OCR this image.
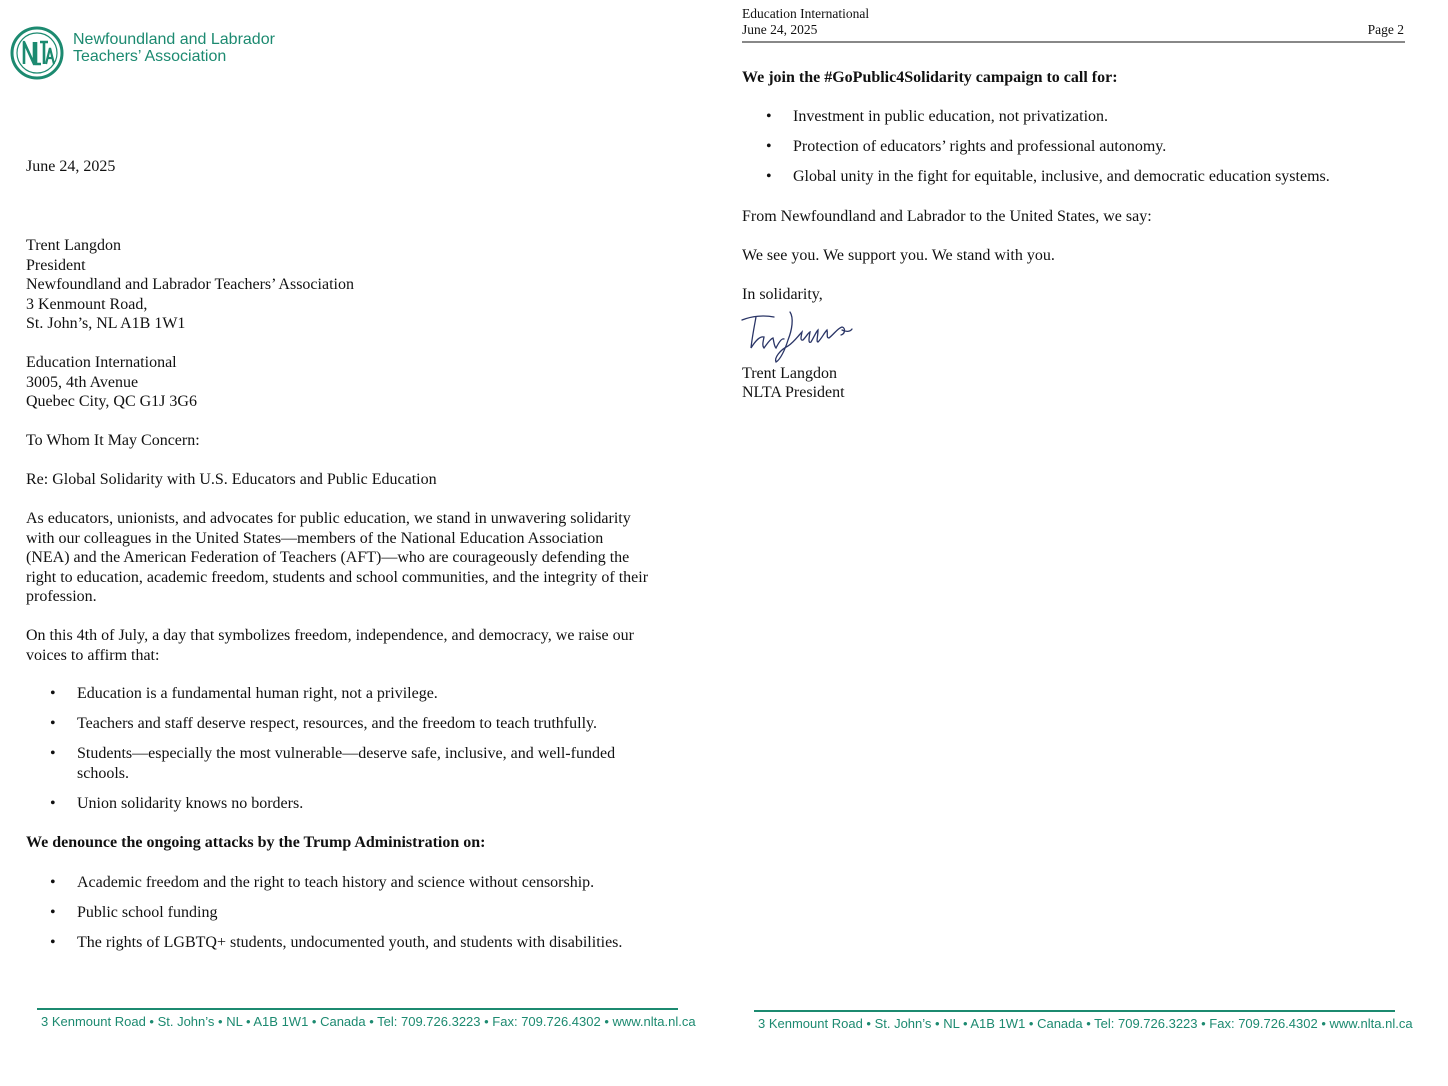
Newfoundland and Labrador
Teachers’ Association
June 24, 2025
Trent Langdon
President
Newfoundland and Labrador Teachers’ Association
3 Kenmount Road,
St. John’s, NL A1B 1W1
Education International
3005, 4th Avenue
Quebec City, QC G1J 3G6
To Whom It May Concern:
Re: Global Solidarity with U.S. Educators and Public Education
As educators, unionists, and advocates for public education, we stand in unwavering solidarity
with our colleagues in the United States—members of the National Education Association
(NEA) and the American Federation of Teachers (AFT)—who are courageously defending the
right to education, academic freedom, students and school communities, and the integrity of their
profession.
On this 4th of July, a day that symbolizes freedom, independence, and democracy, we raise our
voices to affirm that:
• Education is a fundamental human right, not a privilege.
• Teachers and staff deserve respect, resources, and the freedom to teach truthfully.
• Students—especially the most vulnerable—deserve safe, inclusive, and well-funded
schools.
• Union solidarity knows no borders.
We denounce the ongoing attacks by the Trump Administration on:
• Academic freedom and the right to teach history and science without censorship.
• Public school funding
• The rights of LGBTQ+ students, undocumented youth, and students with disabilities.
3 Kenmount Road • St. John’s • NL • A1B 1W1 • Canada • Tel: 709.726.3223 • Fax: 709.726.4302 • www.nlta.nl.ca
Education International
June 24, 2025	Page 2
We join the #GoPublic4Solidarity campaign to call for:
• Investment in public education, not privatization.
• Protection of educators’ rights and professional autonomy.
• Global unity in the fight for equitable, inclusive, and democratic education systems.
From Newfoundland and Labrador to the United States, we say:
We see you. We support you. We stand with you.
In solidarity,
Trent Langdon
NLTA President
3 Kenmount Road • St. John’s • NL • A1B 1W1 • Canada • Tel: 709.726.3223 • Fax: 709.726.4302 • www.nlta.nl.ca
